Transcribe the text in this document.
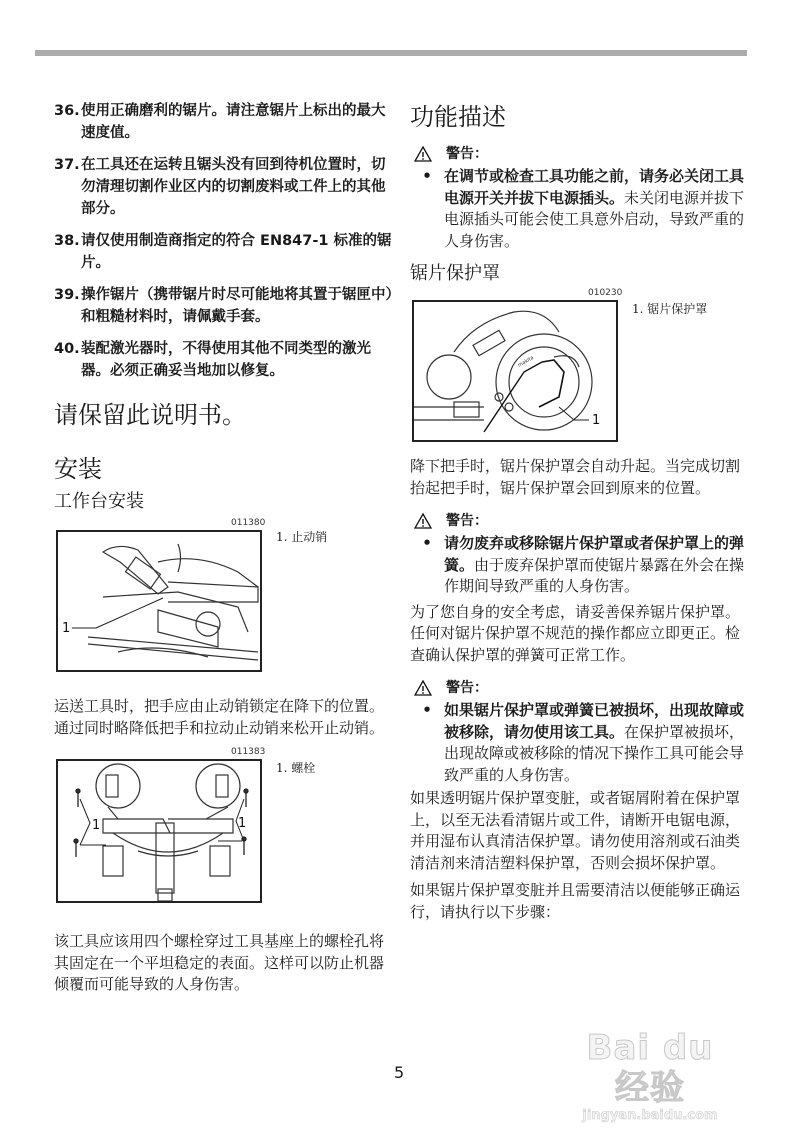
36. 使用正确磨利的锯片。请注意锯片上标出的最大速度值。
37. 在工具还在运转且锯头没有回到待机位置时，切勿清理切割作业区内的切割废料或工件上的其他部分。
38. 请仅使用制造商指定的符合 EN847-1 标准的锯片。
39. 操作锯片（携带锯片时尽可能地将其置于锯匣中）和粗糙材料时，请佩戴手套。
40. 装配激光器时，不得使用其他不同类型的激光器。必须正确妥当地加以修复。
请保留此说明书。
安装
工作台安装
011380
1
1. 止动销

运送工具时，把手应由止动销锁定在降下的位置。通过同时略降低把手和拉动止动销来松开止动销。

011383
1	1
1. 螺栓

该工具应该用四个螺栓穿过工具基座上的螺栓孔将其固定在一个平坦稳定的表面。这样可以防止机器倾覆而可能导致的人身伤害。

功能描述
警告：
• 在调节或检查工具功能之前，请务必关闭工具电源开关并拔下电源插头。未关闭电源并拔下电源插头可能会使工具意外启动，导致严重的人身伤害。
锯片保护罩
010230
1
makita
1. 锯片保护罩

降下把手时，锯片保护罩会自动升起。当完成切割抬起把手时，锯片保护罩会回到原来的位置。

警告：
• 请勿废弃或移除锯片保护罩或者保护罩上的弹簧。由于废弃保护罩而使锯片暴露在外会在操作期间导致严重的人身伤害。

为了您自身的安全考虑，请妥善保养锯片保护罩。任何对锯片保护罩不规范的操作都应立即更正。检查确认保护罩的弹簧可正常工作。

警告：
• 如果锯片保护罩或弹簧已被损坏，出现故障或被移除，请勿使用该工具。在保护罩被损坏，出现故障或被移除的情况下操作工具可能会导致严重的人身伤害。

如果透明锯片保护罩变脏，或者锯屑附着在保护罩上，以至无法看清锯片或工件，请断开电锯电源，并用湿布认真清洁保护罩。请勿使用溶剂或石油类清洁剂来清洁塑料保护罩，否则会损坏保护罩。

如果锯片保护罩变脏并且需要清洁以便能够正确运行，请执行以下步骤：

5
Bai du 经验
jingyan.baidu.com
